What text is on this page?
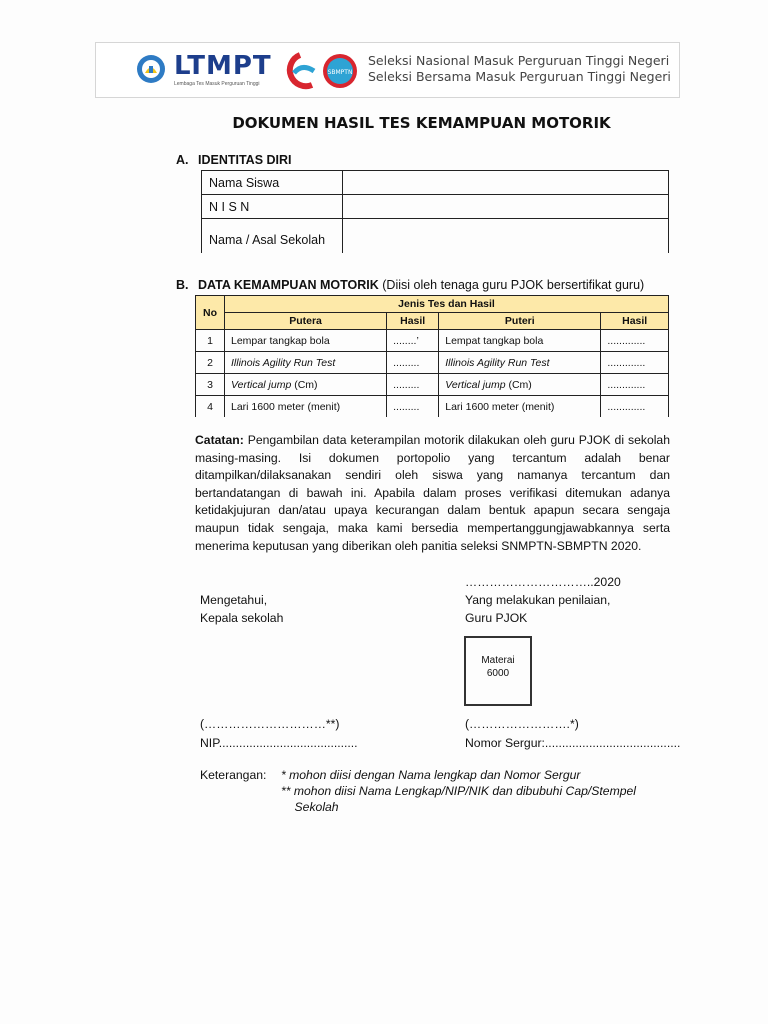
LTMPT
Lembaga Tes Masuk Perguruan Tinggi
SBMPTN
Seleksi Nasional Masuk Perguruan Tinggi Negeri
Seleksi Bersama Masuk Perguruan Tinggi Negeri
DOKUMEN HASIL TES KEMAMPUAN MOTORIK
A. IDENTITAS DIRI
Nama Siswa	
N I S N	
Nama / Asal Sekolah	
B. DATA KEMAMPUAN MOTORIK (Diisi oleh tenaga guru PJOK bersertifikat guru)
No	Jenis Tes dan Hasil			
	Putera	Hasil	Puteri	Hasil
1	Lempar tangkap bola	........’	Lempat tangkap bola	.............
2	Illinois Agility Run Test	.........	Illinois Agility Run Test	.............
3	Vertical jump (Cm)	.........	Vertical jump (Cm)	.............
4	Lari 1600 meter (menit)	.........	Lari 1600 meter (menit)	.............
Catatan: Pengambilan data keterampilan motorik dilakukan oleh guru PJOK di sekolah masing-masing. Isi dokumen portopolio yang tercantum adalah benar ditampilkan/dilaksanakan sendiri oleh siswa yang namanya tercantum dan bertandatangan di bawah ini. Apabila dalam proses verifikasi ditemukan adanya ketidakjujuran dan/atau upaya kecurangan dalam bentuk apapun secara sengaja maupun tidak sengaja, maka kami bersedia mempertanggungjawabkannya serta menerima keputusan yang diberikan oleh panitia seleksi SNMPTN-SBMPTN 2020.
…………………………..2020
Mengetahui,
Kepala sekolah
Yang melakukan penilaian,
Guru PJOK
Materai
6000
(…………………………**)
NIP.........................................
(…………………….*)
Nomor Sergur:........................................
Keterangan: * mohon diisi dengan Nama lengkap dan Nomor Sergur
** mohon diisi Nama Lengkap/NIP/NIK dan dibubuhi Cap/Stempel
Sekolah
